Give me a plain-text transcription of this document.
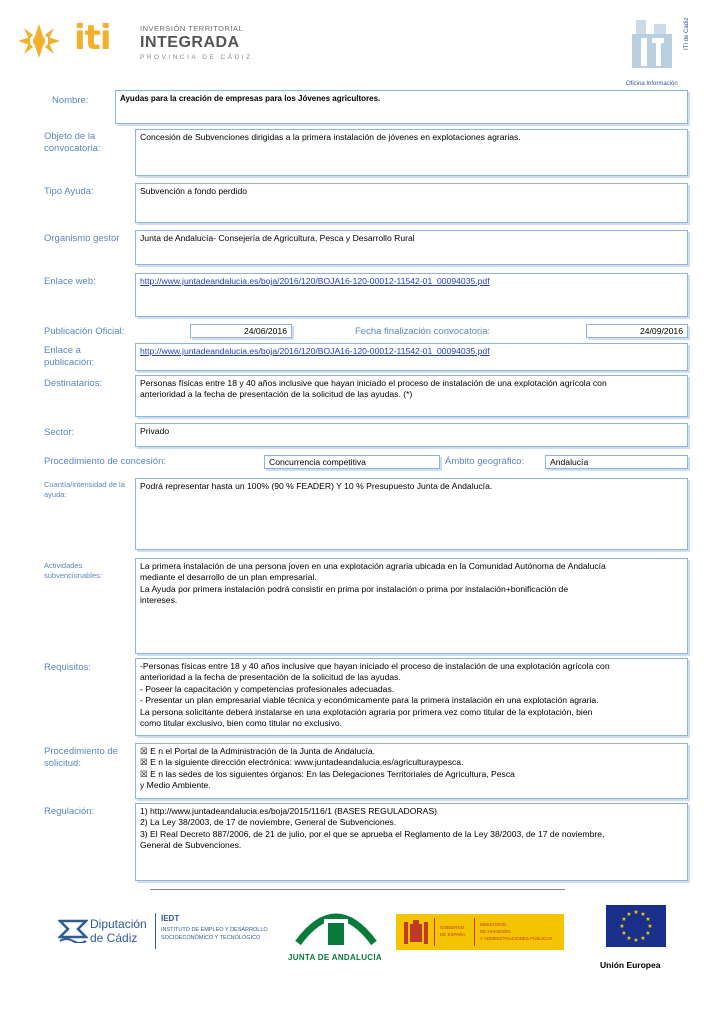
iti	INVERSIÓN TERRITORIAL
INTEGRADA
PROVINCIA DE CÁDIZ
ITI de Cádiz
Oficina Información
Nombre:	Ayudas para la creación de empresas para los Jóvenes agricultores.
Objeto de la convocatoria:
Concesión de Subvenciones dirigidas a la primera instalación de jóvenes en explotaciones agrarias.
Tipo Ayuda:	Subvención a fondo perdido
Organismo gestor	Junta de Andalucía- Consejería de Agricultura, Pesca y Desarrollo Rural
Enlace web:	http://www.juntadeandalucia.es/boja/2016/120/BOJA16-120-00012-11542-01_00094035.pdf
Publicación Oficial:	24/06/2016	Fecha finalización convocatoria:	24/09/2016
Enlace a publicación:
http://www.juntadeandalucia.es/boja/2016/120/BOJA16-120-00012-11542-01_00094035.pdf
Destinatarios:	Personas físicas entre 18 y 40 años inclusive que hayan iniciado el proceso de instalación de una explotación agrícola con
anterioridad a la fecha de presentación de la solicitud de las ayudas. (*)
Sector:	Privado
Procedimiento de concesión:	Concurrencia competitiva	Ámbito geográfico:	Andalucía
Cuantía/intensidad de la ayuda:
Podrá representar hasta un 100% (90 % FEADER) Y 10 % Presupuesto Junta de Andalucía.
Actividades subvencionables:
La primera instalación de una persona joven en una explotación agraria ubicada en la Comunidad Autónoma de Andalucía
mediante el desarrollo de un plan empresarial.
La Ayuda por primera instalación podrá consistir en prima por instalación o prima por instalación+bonificación de
intereses.
Requisitos:	-Personas físicas entre 18 y 40 años inclusive que hayan iniciado el proceso de instalación de una explotación agrícola con
anterioridad a la fecha de presentación de la solicitud de las ayudas.
- Poseer la capacitación y competencias profesionales adecuadas.
- Presentar un plan empresarial viable técnica y económicamente para la primera instalación en una explotación agraria.
La persona solicitante deberá instalarse en una explotación agraria por primera vez como titular de la explotación, bien
como titular exclusivo, bien como titular no exclusivo.
Procedimiento de solicitud:
☒ E n el Portal de la Administración de la Junta de Andalucía.
☒ E n la siguiente dirección electrónica: www.juntadeandalucia.es/agriculturaypesca.
☒ E n las sedes de los siguientes órganos: En las Delegaciones Territoriales de Agricultura, Pesca
y Medio Ambiente.
Regulación:	1) http://www.juntadeandalucia.es/boja/2015/116/1 (BASES REGULADORAS)
2) La Ley 38/2003, de 17 de noviembre, General de Subvenciones.
3) El Real Decreto 887/2006, de 21 de julio, por el que se aprueba el Reglamento de la Ley 38/2003, de 17 de noviembre,
General de Subvenciones.
Diputación
de Cádiz
IEDT
INSTITUTO DE EMPLEO Y DESARROLLO
SOCIOECONÓMICO Y TECNOLÓGICO
JUNTA DE ANDALUCIA
GOBIERNO
DE ESPAÑA
MINISTERIO
DE HACIENDA
Y ADMINISTRACIONES PÚBLICAS
★ ★
★
★
★
★
★
★
★
★
★
★
Unión Europea
